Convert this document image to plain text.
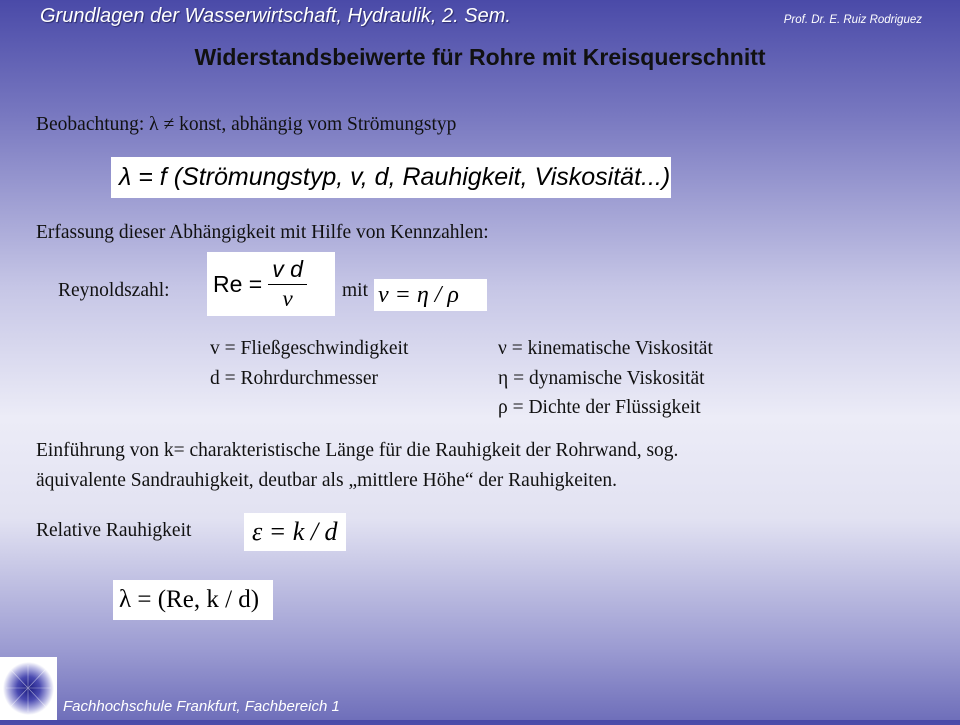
Grundlagen der Wasserwirtschaft, Hydraulik, 2. Sem.	Prof. Dr. E. Ruiz Rodriguez
Widerstandsbeiwerte für Rohre mit Kreisquerschnitt
Beobachtung: λ ≠ konst, abhängig vom Strömungstyp
λ = f (Strömungstyp, v, d, Rauhigkeit, Viskosität...)
Erfassung dieser Abhängigkeit mit Hilfe von Kennzahlen:
Reynoldszahl: $Re = \frac{\text{v d}}{\nu}$ mit ν = η / ρ
v = Fließgeschwindigkeit
d = Rohrdurchmesser
ν = kinematische Viskosität
η = dynamische Viskosität
ρ = Dichte der Flüssigkeit
Einführung von k= charakteristische Länge für die Rauhigkeit der Rohrwand, sog.
äquivalente Sandrauhigkeit, deutbar als „mittlere Höhe“ der Rauhigkeiten.
Relative Rauhigkeit	ε = k / d
λ = (Re, k / d)
Fachhochschule Frankfurt, Fachbereich 1
